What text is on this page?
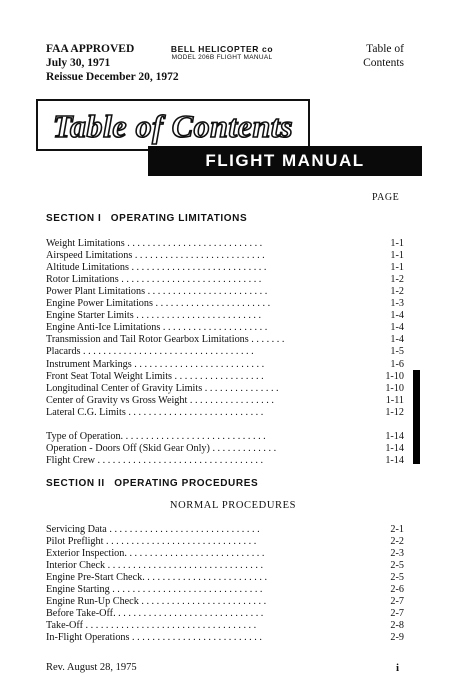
FAA APPROVED
July 30, 1971
Reissue December 20, 1972
BELL HELICOPTER co
MODEL 206B FLIGHT MANUAL
Table of
Contents
Table of Contents
FLIGHT MANUAL
PAGE
SECTION I OPERATING LIMITATIONS
Weight Limitations . . . . . . . . . . . . . . . . . . . . . . . . . . .	1-1
Airspeed Limitations . . . . . . . . . . . . . . . . . . . . . . . . . .	1-1
Altitude Limitations . . . . . . . . . . . . . . . . . . . . . . . . . . .	1-1
Rotor Limitations . . . . . . . . . . . . . . . . . . . . . . . . . . . .	1-2
Power Plant Limitations . . . . . . . . . . . . . . . . . . . . . . . .	1-2
Engine Power Limitations . . . . . . . . . . . . . . . . . . . . . . .	1-3
Engine Starter Limits . . . . . . . . . . . . . . . . . . . . . . . . .	1-4
Engine Anti-Ice Limitations . . . . . . . . . . . . . . . . . . . . .	1-4
Transmission and Tail Rotor Gearbox Limitations . . . . . . .	1-4
Placards . . . . . . . . . . . . . . . . . . . . . . . . . . . . . . . . . .	1-5
Instrument Markings . . . . . . . . . . . . . . . . . . . . . . . . . .	1-6
Front Seat Total Weight Limits . . . . . . . . . . . . . . . . . .	1-10
Longitudinal Center of Gravity Limits . . . . . . . . . . . . . . .	1-10
Center of Gravity vs Gross Weight . . . . . . . . . . . . . . . . .	1-11
Lateral C.G. Limits . . . . . . . . . . . . . . . . . . . . . . . . . . .	1-12
Type of Operation. . . . . . . . . . . . . . . . . . . . . . . . . . . . .	1-14
Operation - Doors Off (Skid Gear Only) . . . . . . . . . . . . .	1-14
Flight Crew . . . . . . . . . . . . . . . . . . . . . . . . . . . . . . . . .	1-14
SECTION II OPERATING PROCEDURES
NORMAL PROCEDURES
Servicing Data . . . . . . . . . . . . . . . . . . . . . . . . . . . . . .	2-1
Pilot Preflight . . . . . . . . . . . . . . . . . . . . . . . . . . . . . .	2-2
Exterior Inspection. . . . . . . . . . . . . . . . . . . . . . . . . . . .	2-3
Interior Check . . . . . . . . . . . . . . . . . . . . . . . . . . . . . . .	2-5
Engine Pre-Start Check. . . . . . . . . . . . . . . . . . . . . . . . .	2-5
Engine Starting . . . . . . . . . . . . . . . . . . . . . . . . . . . . . .	2-6
Engine Run-Up Check . . . . . . . . . . . . . . . . . . . . . . . . .	2-7
Before Take-Off. . . . . . . . . . . . . . . . . . . . . . . . . . . . . .	2-7
Take-Off . . . . . . . . . . . . . . . . . . . . . . . . . . . . . . . . . .	2-8
In-Flight Operations . . . . . . . . . . . . . . . . . . . . . . . . . .	2-9
Rev. August 28, 1975	i
